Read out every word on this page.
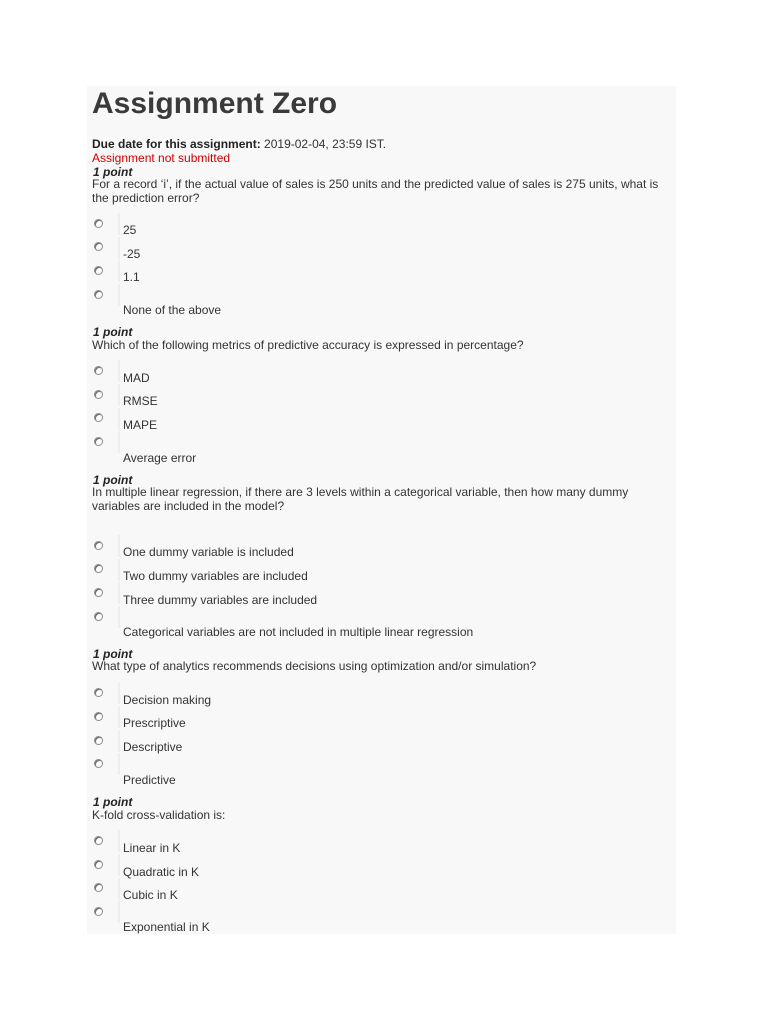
Assignment Zero
Due date for this assignment: 2019-02-04, 23:59 IST.
Assignment not submitted
1 point
For a record ‘i’, if the actual value of sales is 250 units and the predicted value of sales is 275 units, what is the prediction error?
25
-25
1.1
None of the above
1 point
Which of the following metrics of predictive accuracy is expressed in percentage?
MAD
RMSE
MAPE
Average error
1 point
In multiple linear regression, if there are 3 levels within a categorical variable, then how many dummy variables are included in the model?
One dummy variable is included
Two dummy variables are included
Three dummy variables are included
Categorical variables are not included in multiple linear regression
1 point
What type of analytics recommends decisions using optimization and/or simulation?
Decision making
Prescriptive
Descriptive
Predictive
1 point
K-fold cross-validation is:
Linear in K
Quadratic in K
Cubic in K
Exponential in K
